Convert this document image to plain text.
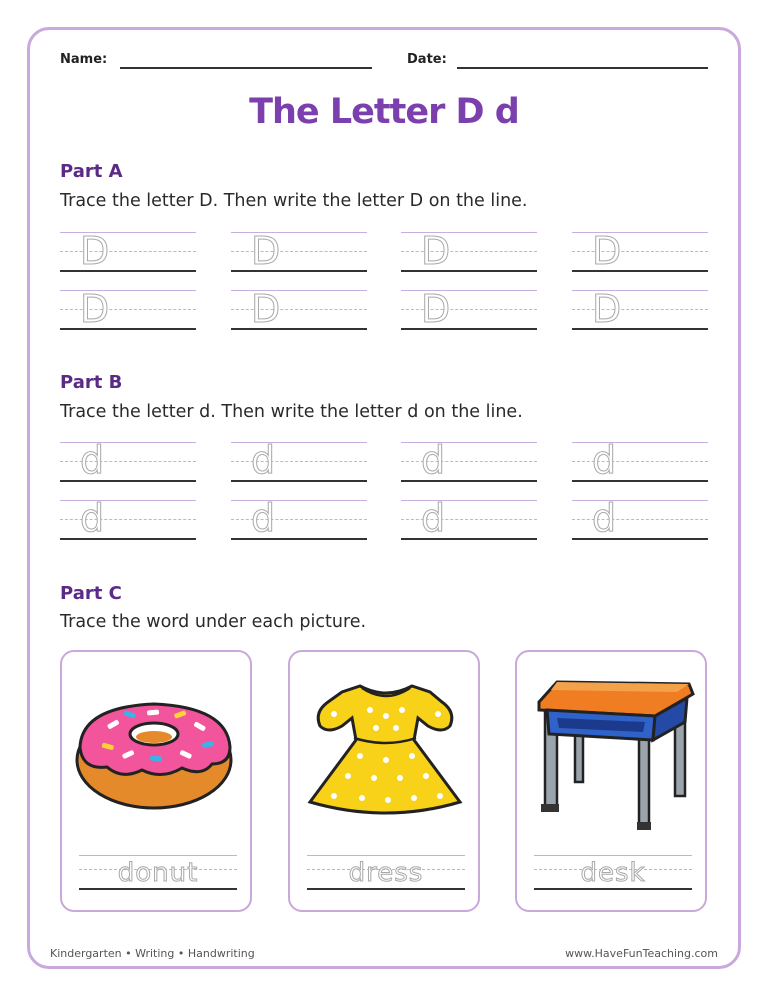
Name:	Date:
The Letter D d
Part A
Trace the letter D. Then write the letter D on the line.
D	D	D	D
D	D	D	D
Part B
Trace the letter d. Then write the letter d on the line.
d	d	d	d
d	d	d	d
Part C
Trace the word under each picture.
donut	dress	desk
Kindergarten • Writing • Handwriting	www.HaveFunTeaching.com
